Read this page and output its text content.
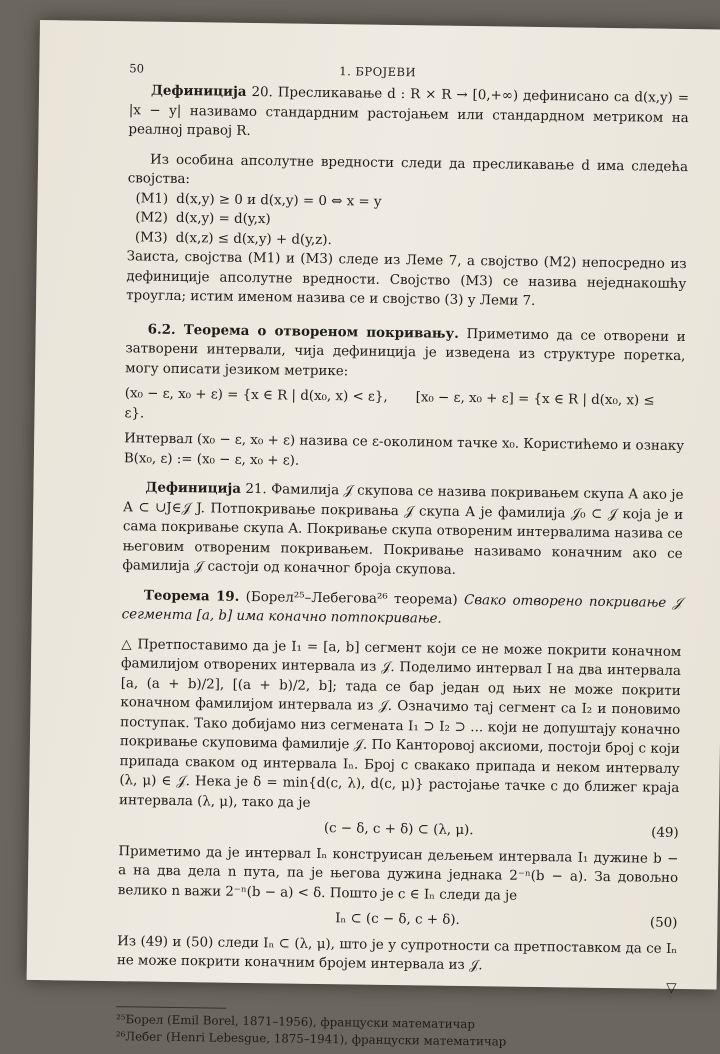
50	1. БРОЈЕВИ

Дефиниција 20. Пресликавање d : R × R → [0,+∞) дефинисано са d(x,y) = |x − y| називамо стандардним растојањем или стандардном метриком на реалној правој R.

Из особина апсолутне вредности следи да пресликавање d има следећа својства:

(M1) d(x,y) ≥ 0 и d(x,y) = 0 ⇔ x = y
(M2) d(x,y) = d(y,x)
(M3) d(x,z) ≤ d(x,y) + d(y,z).

Заиста, својства (M1) и (M3) следе из Леме 7, а својство (M2) непосредно из дефиниције апсолутне вредности. Својство (M3) се назива неједнакошћу троугла; истим именом назива се и својство (3) у Леми 7.

6.2. Теорема о отвореном покривању. Приметимо да се отворени и затворени интервали, чија дефиниција је изведена из структуре поретка, могу описати језиком метрике:

(x₀ − ε, x₀ + ε) = {x ∈ R | d(x₀, x) < ε}, [x₀ − ε, x₀ + ε] = {x ∈ R | d(x₀, x) ≤ ε}.

Интервал (x₀ − ε, x₀ + ε) назива се ε-околином тачке x₀. Користићемо и ознаку B(x₀, ε) := (x₀ − ε, x₀ + ε).

Дефиниција 21. Фамилија 𝒥 скупова се назива покривањем скупа A ако је A ⊂ ∪J∈𝒥 J. Потпокривање покривања 𝒥 скупа A је фамилија 𝒥₀ ⊂ 𝒥 која је и сама покривање скупа A. Покривање скупа отвореним интервалима назива се његовим отвореним покривањем. Покривање називамо коначним ако се фамилија 𝒥 састоји од коначног броја скупова.

Теорема 19. (Борел²⁵–Лебегова²⁶ теорема) Свако отворено покривање 𝒥 сегмента [a, b] има коначно потпокривање.

△ Претпоставимо да је I₁ = [a, b] сегмент који се не може покрити коначном фамилијом отворених интервала из 𝒥. Поделимо интервал I на два интервала [a, (a + b)/2], [(a + b)/2, b]; тада се бар један од њих не може покрити коначном фамилијом интервала из 𝒥. Означимо тај сегмент са I₂ и поновимо поступак. Тако добијамо низ сегмената I₁ ⊃ I₂ ⊃ ... који не допуштају коначно покривање скуповима фамилије 𝒥. По Канторовој аксиоми, постоји број c који припада сваком од интервала Iₙ. Број c свакако припада и неком интервалу (λ, μ) ∈ 𝒥. Нека је δ = min{d(c, λ), d(c, μ)} растојање тачке c до ближег краја интервала (λ, μ), тако да је

(c − δ, c + δ) ⊂ (λ, μ).	(49)

Приметимо да је интервал Iₙ конструисан дељењем интервала I₁ дужине b − a на два дела n пута, па је његова дужина једнака 2⁻ⁿ(b − a). За довољно велико n важи 2⁻ⁿ(b − a) < δ. Пошто је c ∈ Iₙ следи да је

Iₙ ⊂ (c − δ, c + δ).	(50)

Из (49) и (50) следи Iₙ ⊂ (λ, μ), што је у супротности са претпоставком да се Iₙ не може покрити коначним бројем интервала из 𝒥.

▽
²⁵Борел (Emil Borel, 1871–1956), француски математичар
²⁶Лебег (Henri Lebesgue, 1875–1941), француски математичар
